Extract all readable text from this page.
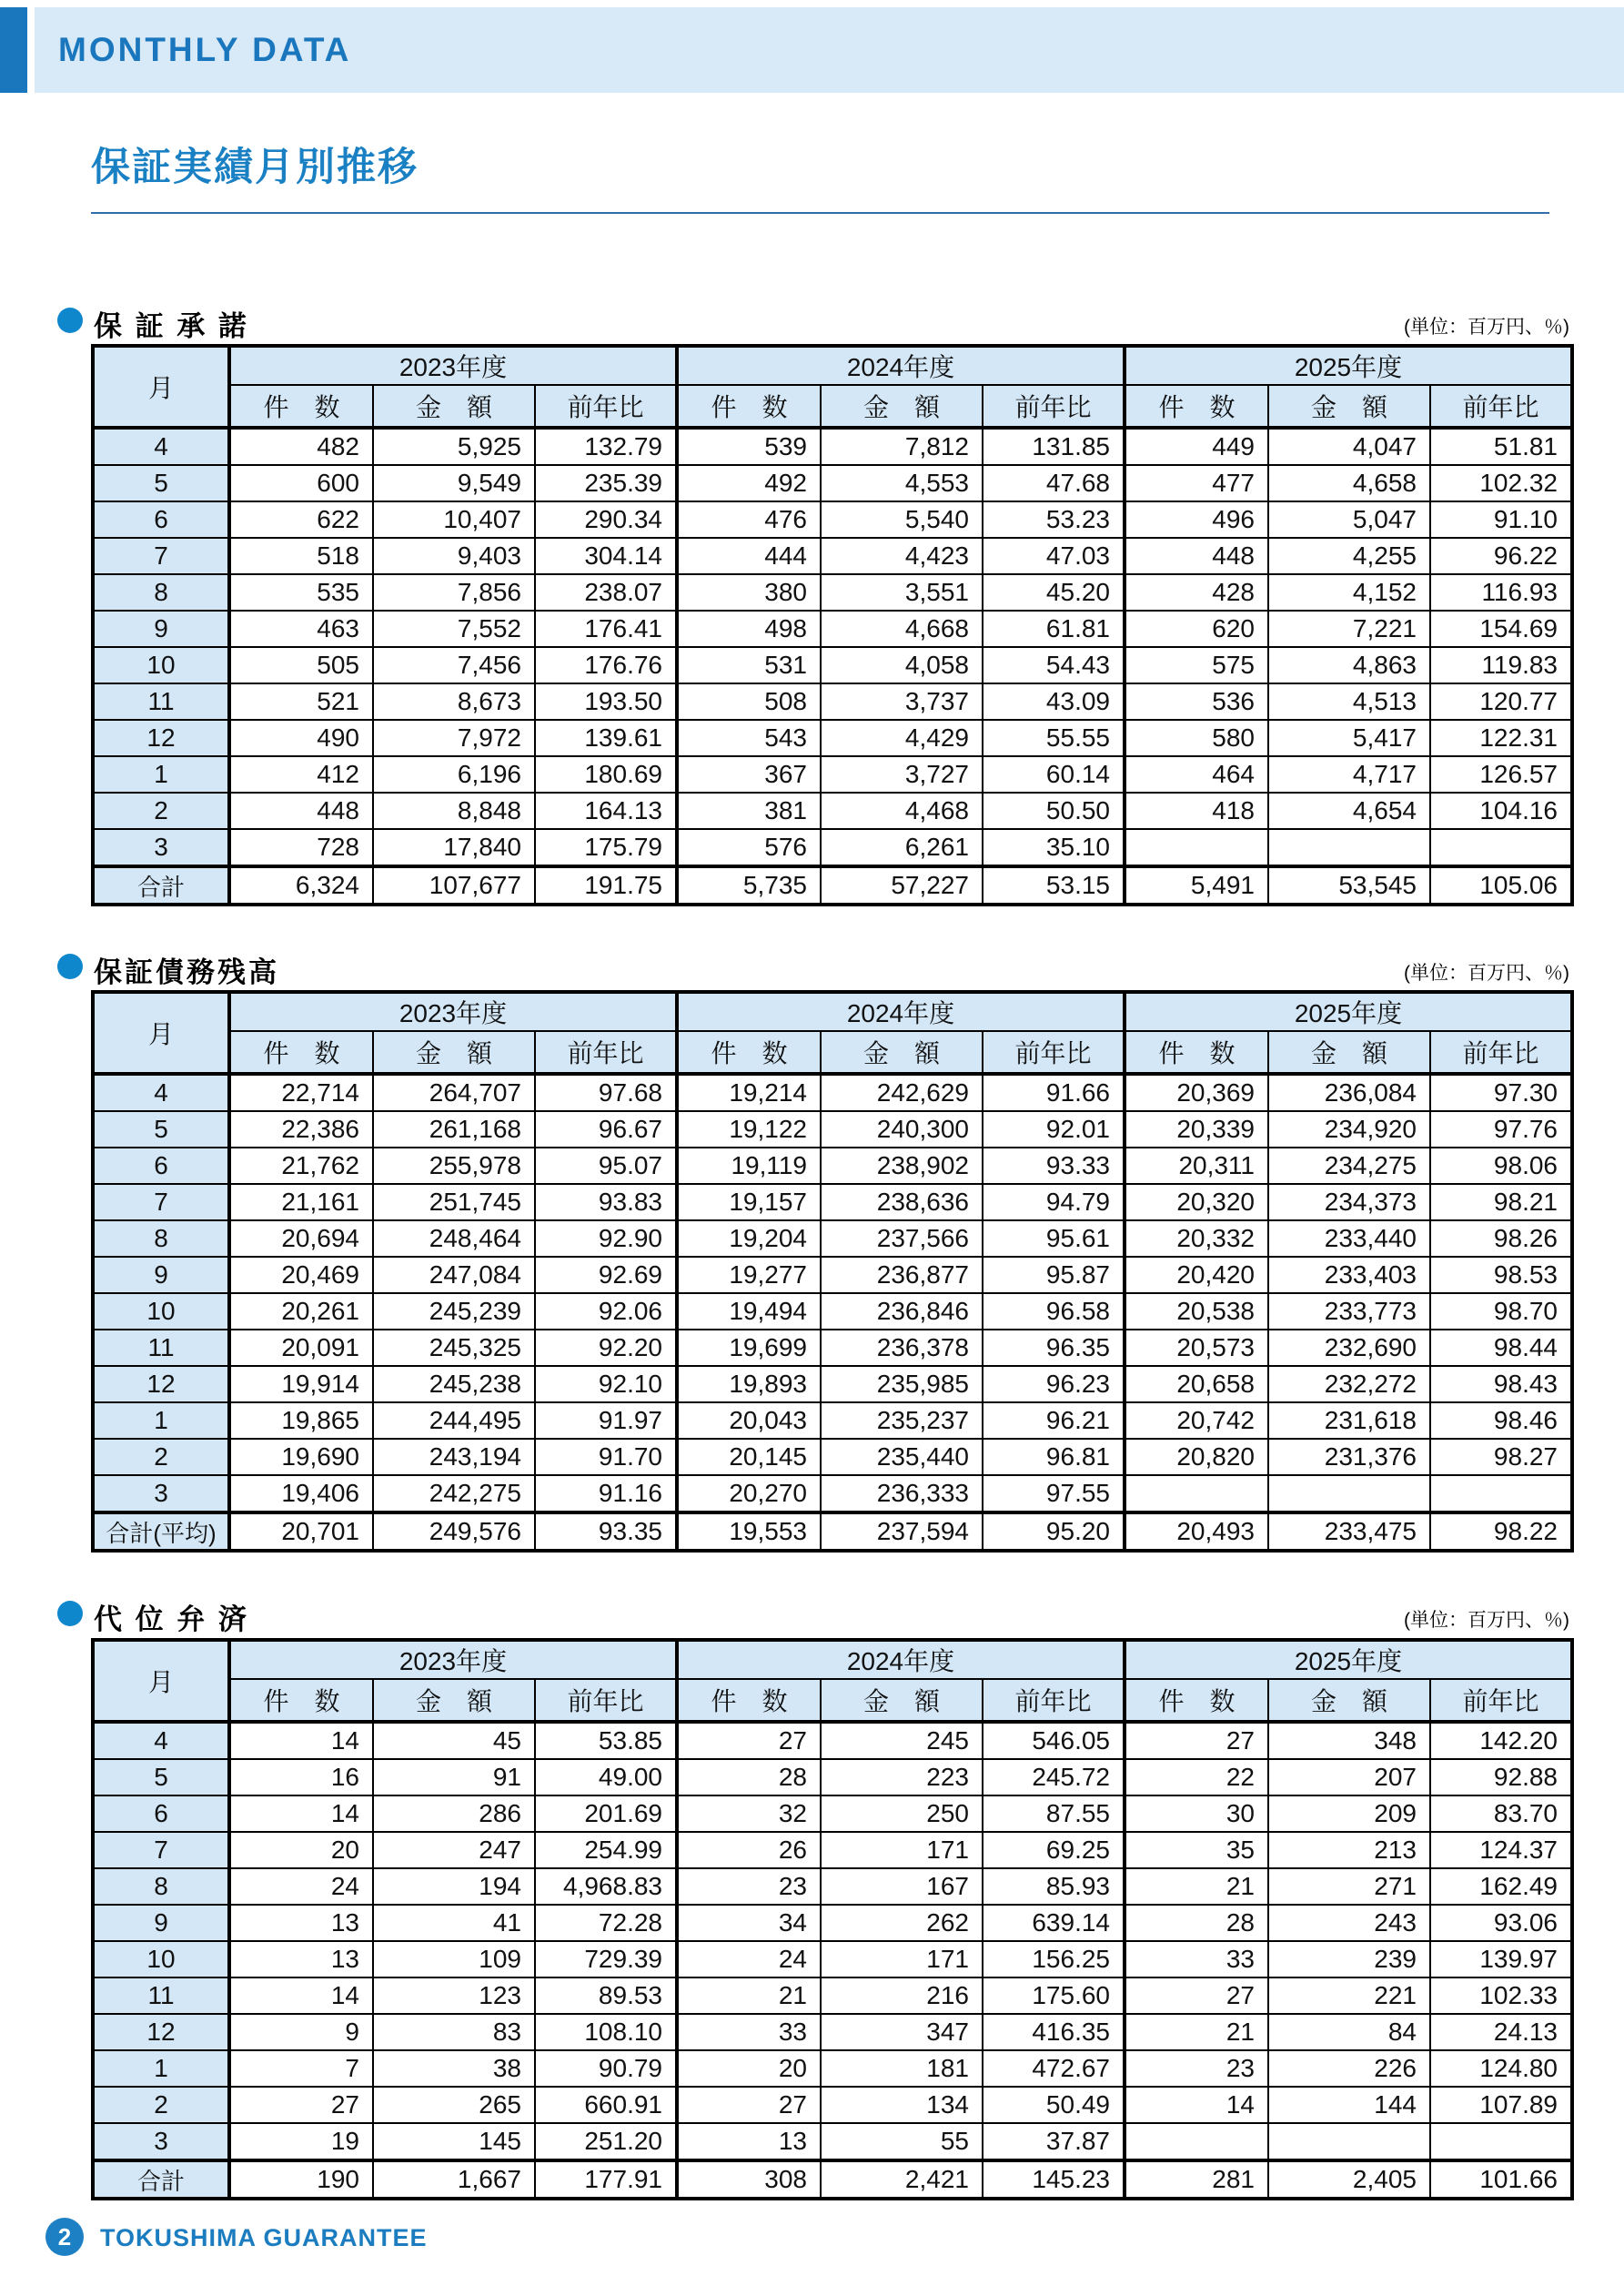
MONTHLY DATA
保証実績月別推移
保 証 承 諾	(単位：百万円、％)
月	2023年度			2024年度			2025年度		
	件　数	金　額	前年比	件　数	金　額	前年比	件　数	金　額	前年比
4	482	5,925	132.79	539	7,812	131.85	449	4,047	51.81
5	600	9,549	235.39	492	4,553	47.68	477	4,658	102.32
6	622	10,407	290.34	476	5,540	53.23	496	5,047	91.10
7	518	9,403	304.14	444	4,423	47.03	448	4,255	96.22
8	535	7,856	238.07	380	3,551	45.20	428	4,152	116.93
9	463	7,552	176.41	498	4,668	61.81	620	7,221	154.69
10	505	7,456	176.76	531	4,058	54.43	575	4,863	119.83
11	521	8,673	193.50	508	3,737	43.09	536	4,513	120.77
12	490	7,972	139.61	543	4,429	55.55	580	5,417	122.31
1	412	6,196	180.69	367	3,727	60.14	464	4,717	126.57
2	448	8,848	164.13	381	4,468	50.50	418	4,654	104.16
3	728	17,840	175.79	576	6,261	35.10			
合計	6,324	107,677	191.75	5,735	57,227	53.15	5,491	53,545	105.06
保証債務残高	(単位：百万円、％)
月	2023年度			2024年度			2025年度		
	件　数	金　額	前年比	件　数	金　額	前年比	件　数	金　額	前年比
4	22,714	264,707	97.68	19,214	242,629	91.66	20,369	236,084	97.30
5	22,386	261,168	96.67	19,122	240,300	92.01	20,339	234,920	97.76
6	21,762	255,978	95.07	19,119	238,902	93.33	20,311	234,275	98.06
7	21,161	251,745	93.83	19,157	238,636	94.79	20,320	234,373	98.21
8	20,694	248,464	92.90	19,204	237,566	95.61	20,332	233,440	98.26
9	20,469	247,084	92.69	19,277	236,877	95.87	20,420	233,403	98.53
10	20,261	245,239	92.06	19,494	236,846	96.58	20,538	233,773	98.70
11	20,091	245,325	92.20	19,699	236,378	96.35	20,573	232,690	98.44
12	19,914	245,238	92.10	19,893	235,985	96.23	20,658	232,272	98.43
1	19,865	244,495	91.97	20,043	235,237	96.21	20,742	231,618	98.46
2	19,690	243,194	91.70	20,145	235,440	96.81	20,820	231,376	98.27
3	19,406	242,275	91.16	20,270	236,333	97.55			
合計(平均)	20,701	249,576	93.35	19,553	237,594	95.20	20,493	233,475	98.22
代 位 弁 済	(単位：百万円、％)
月	2023年度			2024年度			2025年度		
	件　数	金　額	前年比	件　数	金　額	前年比	件　数	金　額	前年比
4	14	45	53.85	27	245	546.05	27	348	142.20
5	16	91	49.00	28	223	245.72	22	207	92.88
6	14	286	201.69	32	250	87.55	30	209	83.70
7	20	247	254.99	26	171	69.25	35	213	124.37
8	24	194	4,968.83	23	167	85.93	21	271	162.49
9	13	41	72.28	34	262	639.14	28	243	93.06
10	13	109	729.39	24	171	156.25	33	239	139.97
11	14	123	89.53	21	216	175.60	27	221	102.33
12	9	83	108.10	33	347	416.35	21	84	24.13
1	7	38	90.79	20	181	472.67	23	226	124.80
2	27	265	660.91	27	134	50.49	14	144	107.89
3	19	145	251.20	13	55	37.87			
合計	190	1,667	177.91	308	2,421	145.23	281	2,405	101.66
2	TOKUSHIMA GUARANTEE
